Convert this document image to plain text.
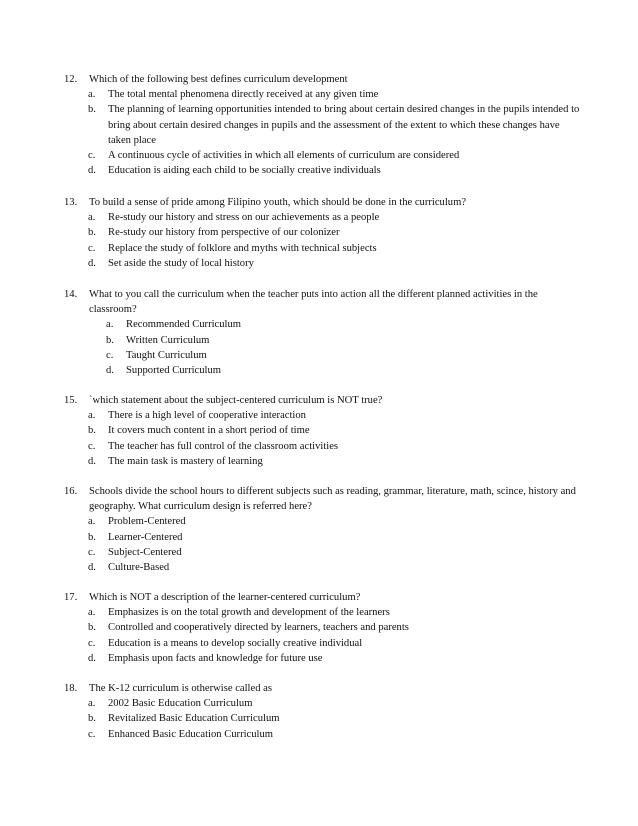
12. Which of the following best defines curriculum development
a. The total mental phenomena directly received at any given time
b. The planning of learning opportunities intended to bring about certain desired changes in the pupils intended to bring about certain desired changes in pupils and the assessment of the extent to which these changes have taken place
c. A continuous cycle of activities in which all elements of curriculum are considered
d. Education is aiding each child to be socially creative individuals
13. To build a sense of pride among Filipino youth, which should be done in the curriculum?
a. Re-study our history and stress on our achievements as a people
b. Re-study our history from perspective of our colonizer
c. Replace the study of folklore and myths with technical subjects
d. Set aside the study of local history
14. What to you call the curriculum when the teacher puts into action all the different planned activities in the classroom?
a. Recommended Curriculum
b. Written Curriculum
c. Taught Curriculum
d. Supported Curriculum
15. `which statement about the subject-centered curriculum is NOT true?
a. There is a high level of cooperative interaction
b. It covers much content in a short period of time
c. The teacher has full control of the classroom activities
d. The main task is mastery of learning
16. Schools divide the school hours to different subjects such as reading, grammar, literature, math, scince, history and geography. What curriculum design is referred here?
a. Problem-Centered
b. Learner-Centered
c. Subject-Centered
d. Culture-Based
17. Which is NOT a description of the learner-centered curriculum?
a. Emphasizes is on the total growth and development of the learners
b. Controlled and cooperatively directed by learners, teachers and parents
c. Education is a means to develop socially creative individual
d. Emphasis upon facts and knowledge for future use
18. The K-12 curriculum is otherwise called as
a. 2002 Basic Education Curriculum
b. Revitalized Basic Education Curriculum
c. Enhanced Basic Education Curriculum
